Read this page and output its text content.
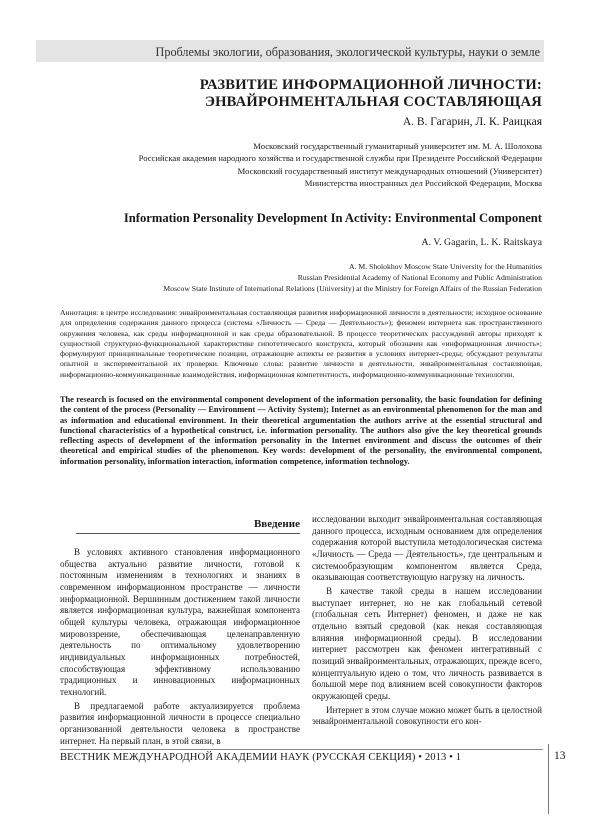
Проблемы экологии, образования, экологической культуры, науки о земле
РАЗВИТИЕ ИНФОРМАЦИОННОЙ ЛИЧНОСТИ:
ЭНВАЙРОНМЕНТАЛЬНАЯ СОСТАВЛЯЮЩАЯ
А. В. Гагарин, Л. К. Раицкая
Московский государственный гуманитарный университет им. М. А. Шолохова
Российская академия народного хозяйства и государственной службы при Президенте Российской Федерации
Московский государственный институт международных отношений (Университет)
Министерства иностранных дел Российской Федерации, Москва
Information Personality Development In Activity: Environmental Component
A. V. Gagarin, L. K. Raitskaya
A. M. Sholokhov Moscow State University for the Humanities
Russian Presidential Academy of National Economy and Public Administration
Moscow State Institute of International Relations (University) at the Ministry for Foreign Affairs of the Russian Federation
Аннотация: в центре исследования: энвайронментальная составляющая развития информационной личности в деятельности; исходное основание для определения содержания данного процесса (система «Личность — Среда — Деятельность»); феномен интернета как пространственного окружения человека, как среды информационной и как среды образовательной. В процессе теоретических рассуждений авторы приходят к сущностной структурно-функциональной характеристике гипотетического конструкта, который обозначен как «информационная личность»; формулируют принципиальные теоретические позиции, отражающие аспекты ее развития в условиях интернет-среды; обсуждают результаты опытной и экспериментальной их проверки. Ключевые слова: развитие личности в деятельности, энвайронментальная составляющая, информационно-коммуникационные взаимодействия, информационная компетентность, информационно-коммуникационные технологии.
The research is focused on the environmental component development of the information personality, the basic foundation for defining the content of the process (Personality — Environment — Activity System); Internet as an environmental phenomenon for the man and as information and educational environment. In their theoretical argumentation the authors arrive at the essential structural and functional characteristics of a hypothetical construct, i.e. information personality. The authors also give the key theoretical grounds reflecting aspects of development of the information personality in the Internet environment and discuss the outcomes of their theoretical and empirical studies of the phenomenon. Key words: development of the personality, the environmental component, information personality, information interaction, information competence, information technology.
Введение

В условиях активного становления информационного общества актуально развитие личности, готовой к постоянным изменениям в технологиях и знаниях в современном информационном пространстве — личности информационной. Вершинным достижением такой личности является информационная культура, важнейшая компонента общей культуры человека, отражающая информационное мировоззрение, обеспечивающая целенаправленную деятельность по оптимальному удовлетворению индивидуальных информационных потребностей, способствующая эффективному использованию традиционных и инновационных информационных технологий.

В предлагаемой работе актуализируется проблема развития информационной личности в процессе специально организованной деятельности человека в пространстве интернет. На первый план, в этой связи, в

исследовании выходит энвайронментальная составляющая данного процесса, исходным основанием для определения содержания которой выступила методологическая система «Личность — Среда — Деятельность», где центральным и системообразующим компонентом является Среда, оказывающая соответствующую нагрузку на личность.

В качестве такой среды в нашем исследовании выступает интернет, но не как глобальный сетевой (глобальная сеть Интернет) феномен, и даже не как отдельно взятый средовой (как некая составляющая влияния информационной среды). В исследовании интернет рассмотрен как феномен интегративный с позиций энвайронментальных, отражающих, прежде всего, концептуальную идею о том, что личность развивается в большой мере под влиянием всей совокупности факторов окружающей среды.

Интернет в этом случае можно может быть в целостной энвайронментальной совокупности его кон-

ВЕСТНИК МЕЖДУНАРОДНОЙ АКАДЕМИИ НАУК (РУССКАЯ СЕКЦИЯ) • 2013 • 1	13
